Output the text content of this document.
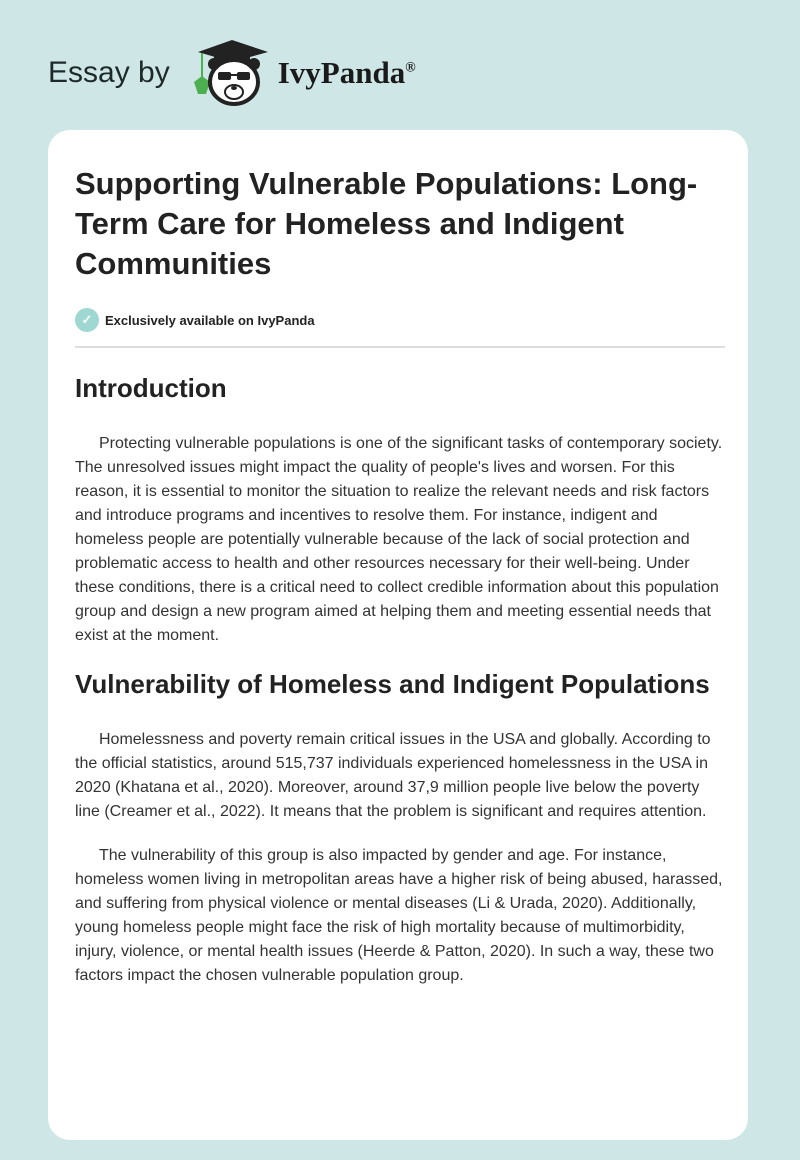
Essay by	IvyPanda®
Supporting Vulnerable Populations: Long-Term Care for Homeless and Indigent Communities
✓ Exclusively available on IvyPanda
Introduction

Protecting vulnerable populations is one of the significant tasks of contemporary society. The unresolved issues might impact the quality of people's lives and worsen. For this reason, it is essential to monitor the situation to realize the relevant needs and risk factors and introduce programs and incentives to resolve them. For instance, indigent and homeless people are potentially vulnerable because of the lack of social protection and problematic access to health and other resources necessary for their well-being. Under these conditions, there is a critical need to collect credible information about this population group and design a new program aimed at helping them and meeting essential needs that exist at the moment.

Vulnerability of Homeless and Indigent Populations

Homelessness and poverty remain critical issues in the USA and globally. According to the official statistics, around 515,737 individuals experienced homelessness in the USA in 2020 (Khatana et al., 2020). Moreover, around 37,9 million people live below the poverty line (Creamer et al., 2022). It means that the problem is significant and requires attention.

The vulnerability of this group is also impacted by gender and age. For instance, homeless women living in metropolitan areas have a higher risk of being abused, harassed, and suffering from physical violence or mental diseases (Li & Urada, 2020). Additionally, young homeless people might face the risk of high mortality because of multimorbidity, injury, violence, or mental health issues (Heerde & Patton, 2020). In such a way, these two factors impact the chosen vulnerable population group.
